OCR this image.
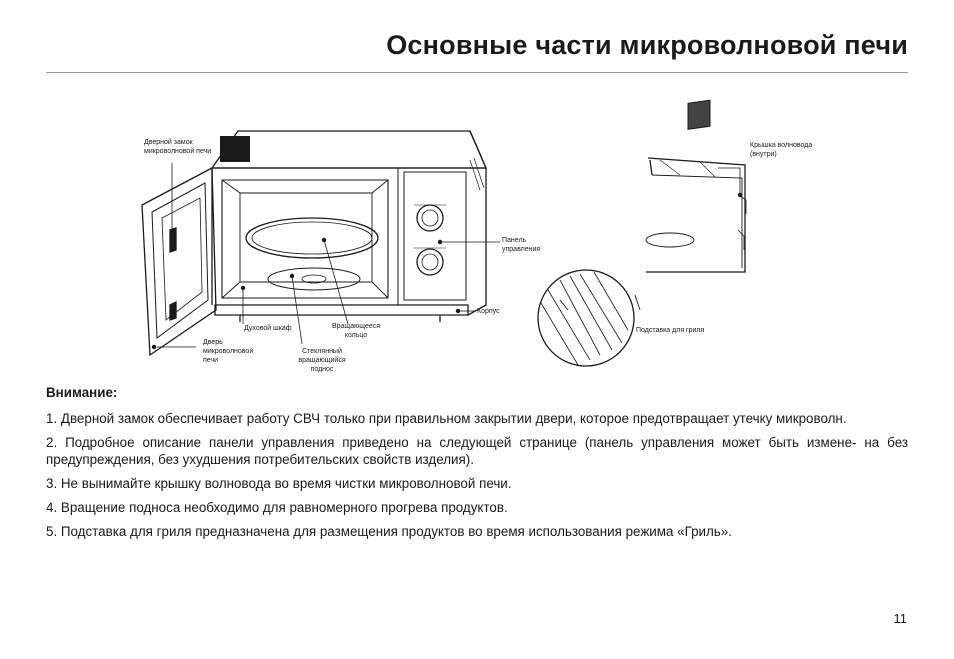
Основные части микроволновой печи
Дверной замок микроволновой печи
Крышка волновода (внутри)
Панель управления
Корпус
Духовой шкаф	Вращающееся кольцо
Дверь микроволновой печи
Стеклянный вращающийся поднос
Подставка для гриля

Внимание:

1. Дверной замок обеспечивает работу СВЧ только при правильном закрытии двери, которое предотвращает утечку микроволн.

2. Подробное описание панели управления приведено на следующей странице (панель управления может быть измене- на без предупреждения, без ухудшения потребительских свойств изделия).

3. Не вынимайте крышку волновода во время чистки микроволновой печи.

4. Вращение подноса необходимо для равномерного прогрева продуктов.

5. Подставка для гриля предназначена для размещения продуктов во время использования режима «Гриль».

11
